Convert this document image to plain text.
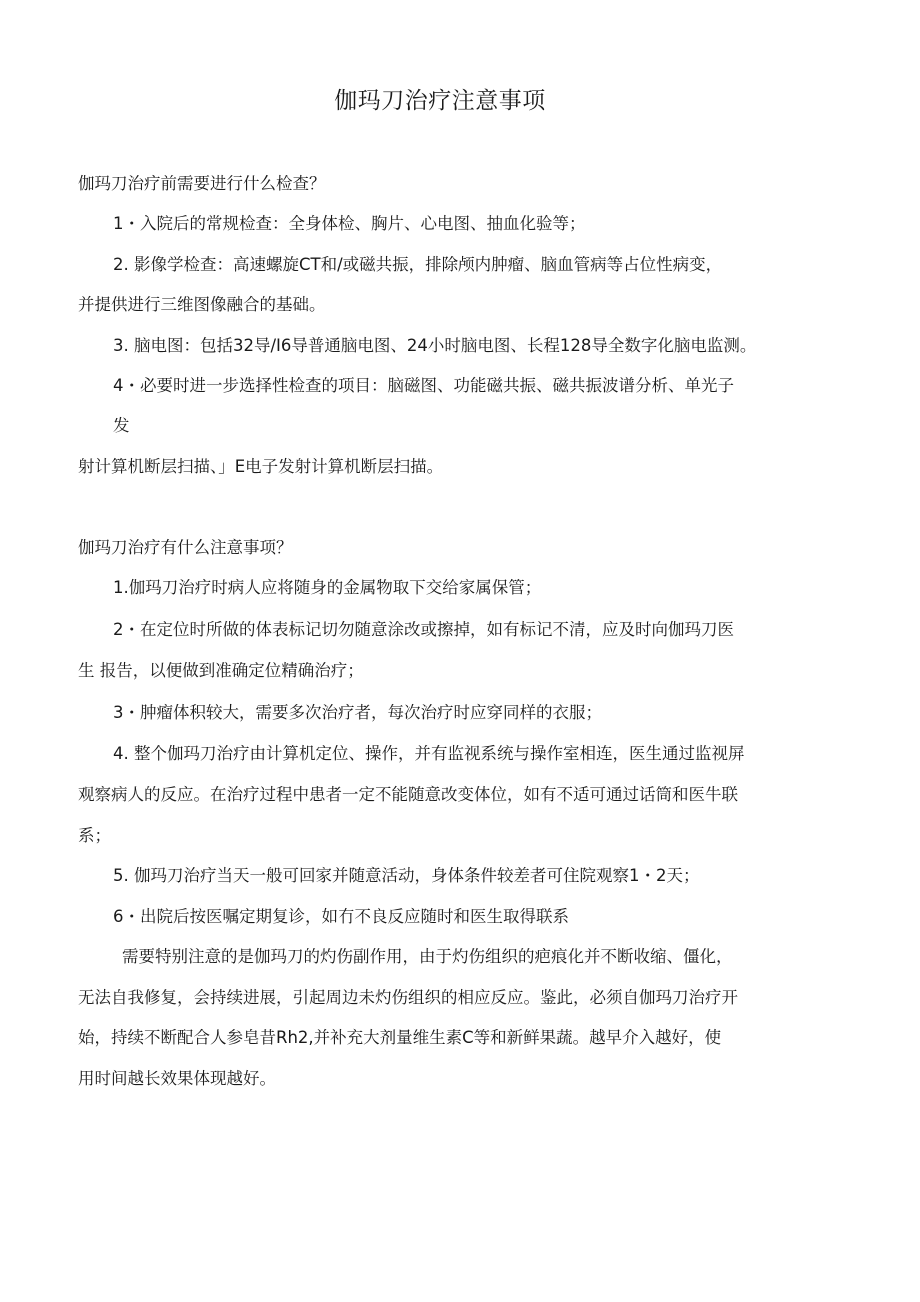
伽玛刀治疗注意事项
伽玛刀治疗前需要进行什么检查？
1・入院后的常规检查：全身体检、胸片、心电图、抽血化验等；
2. 影像学检查：高速螺旋CT和/或磁共振，排除颅内肿瘤、脑血管病等占位性病变，
并提供进行三维图像融合的基础。
3. 脑电图：包括32导/I6导普通脑电图、24小时脑电图、长程128导全数字化脑电监测。
4・必要时进一步选择性检查的项目：脑磁图、功能磁共振、磁共振波谱分析、单光子
发
射计算机断层扫描、」E电子发射计算机断层扫描。
伽玛刀治疗有什么注意事项？
1.伽玛刀治疗时病人应将随身的金属物取下交给家属保管；
2・在定位时所做的体表标记切勿随意涂改或擦掉，如有标记不清，应及时向伽玛刀医
生 报告，以便做到准确定位精确治疗；
3・肿瘤体积较大，需要多次治疗者，每次治疗时应穿同样的衣服；
4. 整个伽玛刀治疗由计算机定位、操作，并有监视系统与操作室相连，医生通过监视屏
观察病人的反应。在治疗过程中患者一定不能随意改变体位，如有不适可通过话筒和医牛联
系；
5. 伽玛刀治疗当天一般可回家并随意活动，身体条件较差者可住院观察1・2天；
6・出院后按医嘱定期复诊，如冇不良反应随时和医生取得联系
需要特别注意的是伽玛刀的灼伤副作用，由于灼伤组织的疤痕化并不断收缩、僵化，
无法自我修复，会持续进展，引起周边未灼伤组织的相应反应。鉴此，必须自伽玛刀治疗开
始，持续不断配合人参皂昔Rh2,并补充大剂量维生素C等和新鲜果蔬。越早介入越好，使
用时间越长效果体现越好。
